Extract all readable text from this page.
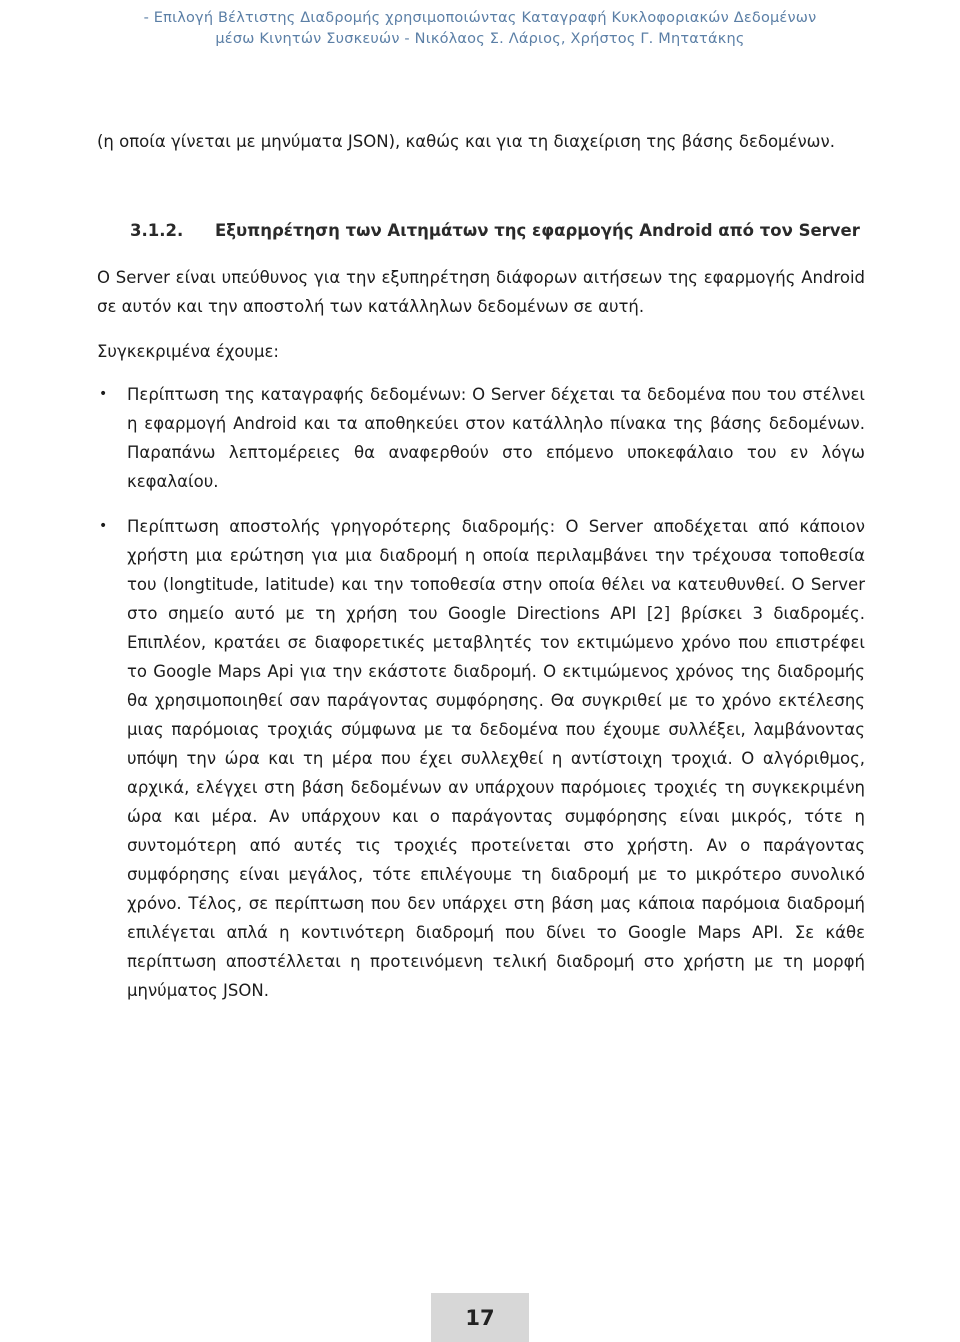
- Επιλογή Βέλτιστης Διαδρομής χρησιμοποιώντας Καταγραφή Κυκλοφοριακών Δεδομένων
μέσω Κινητών Συσκευών - Νικόλαος Σ. Λάριος, Χρήστος Γ. Μητατάκης

(η οποία γίνεται με μηνύματα JSON), καθώς και για τη διαχείριση της βάσης δεδομένων.

3.1.2.	Εξυπηρέτηση των Αιτημάτων της εφαρμογής Android από τον Server

Ο Server είναι υπεύθυνος για την εξυπηρέτηση διάφορων αιτήσεων της εφαρμογής Android σε αυτόν και την αποστολή των κατάλληλων δεδομένων σε αυτή.

Συγκεκριμένα έχουμε:

•	Περίπτωση της καταγραφής δεδομένων: Ο Server δέχεται τα δεδομένα που του στέλνει η εφαρμογή Android και τα αποθηκεύει στον κατάλληλο πίνακα της βάσης δεδομένων. Παραπάνω λεπτομέρειες θα αναφερθούν στο επόμενο υποκεφάλαιο του εν λόγω κεφαλαίου.
•	Περίπτωση αποστολής γρηγορότερης διαδρομής: Ο Server αποδέχεται από κάποιον χρήστη μια ερώτηση για μια διαδρομή η οποία περιλαμβάνει την τρέχουσα τοποθεσία του (longtitude, latitude) και την τοποθεσία στην οποία θέλει να κατευθυνθεί. Ο Server στο σημείο αυτό με τη χρήση του Google Directions API [2] βρίσκει 3 διαδρομές. Επιπλέον, κρατάει σε διαφορετικές μεταβλητές τον εκτιμώμενο χρόνο που επιστρέφει το Google Maps Api για την εκάστοτε διαδρομή. Ο εκτιμώμενος χρόνος της διαδρομής θα χρησιμοποιηθεί σαν παράγοντας συμφόρησης. Θα συγκριθεί με το χρόνο εκτέλεσης μιας παρόμοιας τροχιάς σύμφωνα με τα δεδομένα που έχουμε συλλέξει, λαμβάνοντας υπόψη την ώρα και τη μέρα που έχει συλλεχθεί η αντίστοιχη τροχιά. Ο αλγόριθμος, αρχικά, ελέγχει στη βάση δεδομένων αν υπάρχουν παρόμοιες τροχιές τη συγκεκριμένη ώρα και μέρα. Αν υπάρχουν και ο παράγοντας συμφόρησης είναι μικρός, τότε η συντομότερη από αυτές τις τροχιές προτείνεται στο χρήστη. Αν ο παράγοντας συμφόρησης είναι μεγάλος, τότε επιλέγουμε τη διαδρομή με το μικρότερο συνολικό χρόνο. Τέλος, σε περίπτωση που δεν υπάρχει στη βάση μας κάποια παρόμοια διαδρομή επιλέγεται απλά η κοντινότερη διαδρομή που δίνει το Google Maps API. Σε κάθε περίπτωση αποστέλλεται η προτεινόμενη τελική διαδρομή στο χρήστη με τη μορφή μηνύματος JSON.
17
